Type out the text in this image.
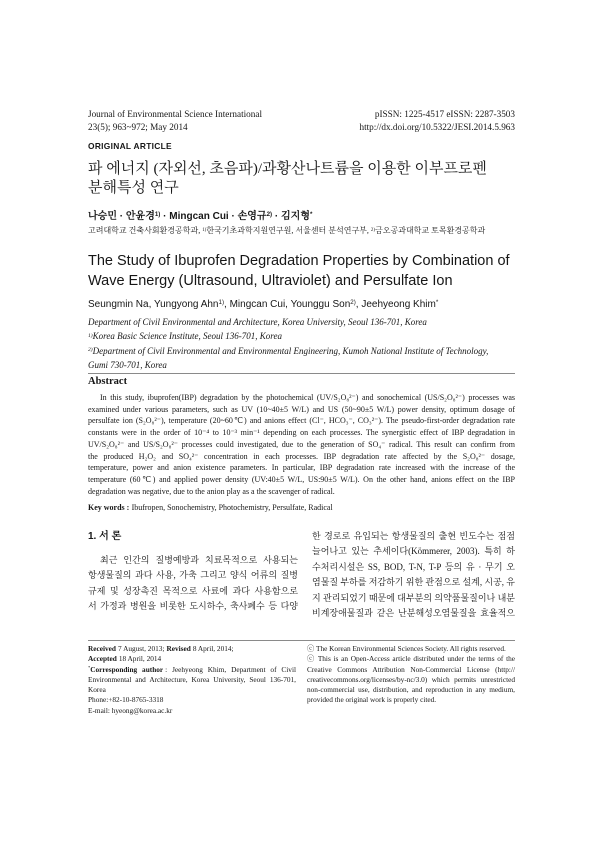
Journal of Environmental Science International
23(5); 963~972; May 2014
pISSN: 1225-4517 eISSN: 2287-3503
http://dx.doi.org/10.5322/JESI.2014.5.963
ORIGINAL ARTICLE
파 에너지 (자외선, 초음파)/과황산나트륨을 이용한 이부프로펜
분해특성 연구
나승민 · 안윤경$^{1)}$ · Mingcan Cui · 손영규$^{2)}$ · 김지형*
고려대학교 건축사회환경공학과, $^{1)}$한국기초과학지원연구원, 서울센터 분석연구부, $^{2)}$금오공과대학교 토목환경공학과
The Study of Ibuprofen Degradation Properties by Combination of
Wave Energy (Ultrasound, Ultraviolet) and Persulfate Ion
Seungmin Na, Yungyong Ahn$^{1)}$, Mingcan Cui, Younggu Son$^{2)}$, Jeehyeong Khim*
Department of Civil Environmental and Architecture, Korea University, Seoul 136-701, Korea
$^{1)}$Korea Basic Science Institute, Seoul 136-701, Korea
$^{2)}$Department of Civil Environmental and Environmental Engineering, Kumoh National Institute of Technology,
Gumi 730-701, Korea
Abstract
In this study, ibuprofen(IBP) degradation by the photochemical (UV/S₂O₈²⁻) and sonochemical (US/S₂O₈²⁻) processes was
examined under various parameters, such as UV (10~40±5 W/L) and US (50~90±5 W/L) power density, optimum dosage of
persulfate ion (S₂O₈²⁻), temperature (20~60℃) and anions effect (Cl⁻, HCO₃⁻, CO₃²⁻). The pseudo-first-order degradation rate
constants were in the order of 10⁻⁴ to 10⁻³ min⁻¹ depending on each processes. The synergistic effect of IBP degradation in
UV/S₂O₈²⁻ and US/S₂O₈²⁻ processes could investigated, due to the generation of SO₄⁻ radical. This result can confirm from
the produced H₂O₂ and SO₄²⁻ concentration in each processes. IBP degradation rate affected by the S₂O₈²⁻ dosage,
temperature, power and anion existence parameters. In particular, IBP degradation rate increased with the increase of the
temperature (60℃) and applied power density (UV:40±5 W/L, US:90±5 W/L). On the other hand, anions effect on the IBP
degradation was negative, due to the anion play as a the scavenger of radical.
Key words : Ibufropen, Sonochemistry, Photochemistry, Persulfate, Radical
1. 서 론
최근 인간의 질병예방과 치료목적으로 사용되는
항생물질의 과다 사용, 가축 그리고 양식 어류의 질병
규제 및 성장촉진 목적으로 사료에 과다 사용함으로
서 가정과 병원을 비롯한 도시하수, 축사폐수 등 다양
한 경로로 유입되는 항생물질의 출현 빈도수는 점점
늘어나고 있는 추세이다(Kömmerer, 2003). 특히 하
수처리시설은 SS, BOD, T-N, T-P 등의 유 · 무기 오
염물질 부하를 저감하기 위한 관점으로 설계, 시공, 유
지 관리되었기 때문에 대부분의 의약품물질이나 내분
비계장애물질과 같은 난분해성오염물질을 효율적으
Received 7 August, 2013; Revised 8 April, 2014;
Accepted 18 April, 2014
*Corresponding author : Jeehyeong Khim, Department of Civil
Environmental and Architecture, Korea University, Seoul 136-701,
Korea
Phone:+82-10-8765-3318
E-mail: hyeong@korea.ac.kr
ⓒ The Korean Environmental Sciences Society. All rights reserved.
ⓒ This is an Open-Access article distributed under the terms of the
Creative Commons Attribution Non-Commercial License (http://
creativecommons.org/licenses/by-nc/3.0) which permits unrestricted
non-commercial use, distribution, and reproduction in any medium,
provided the original work is properly cited.
